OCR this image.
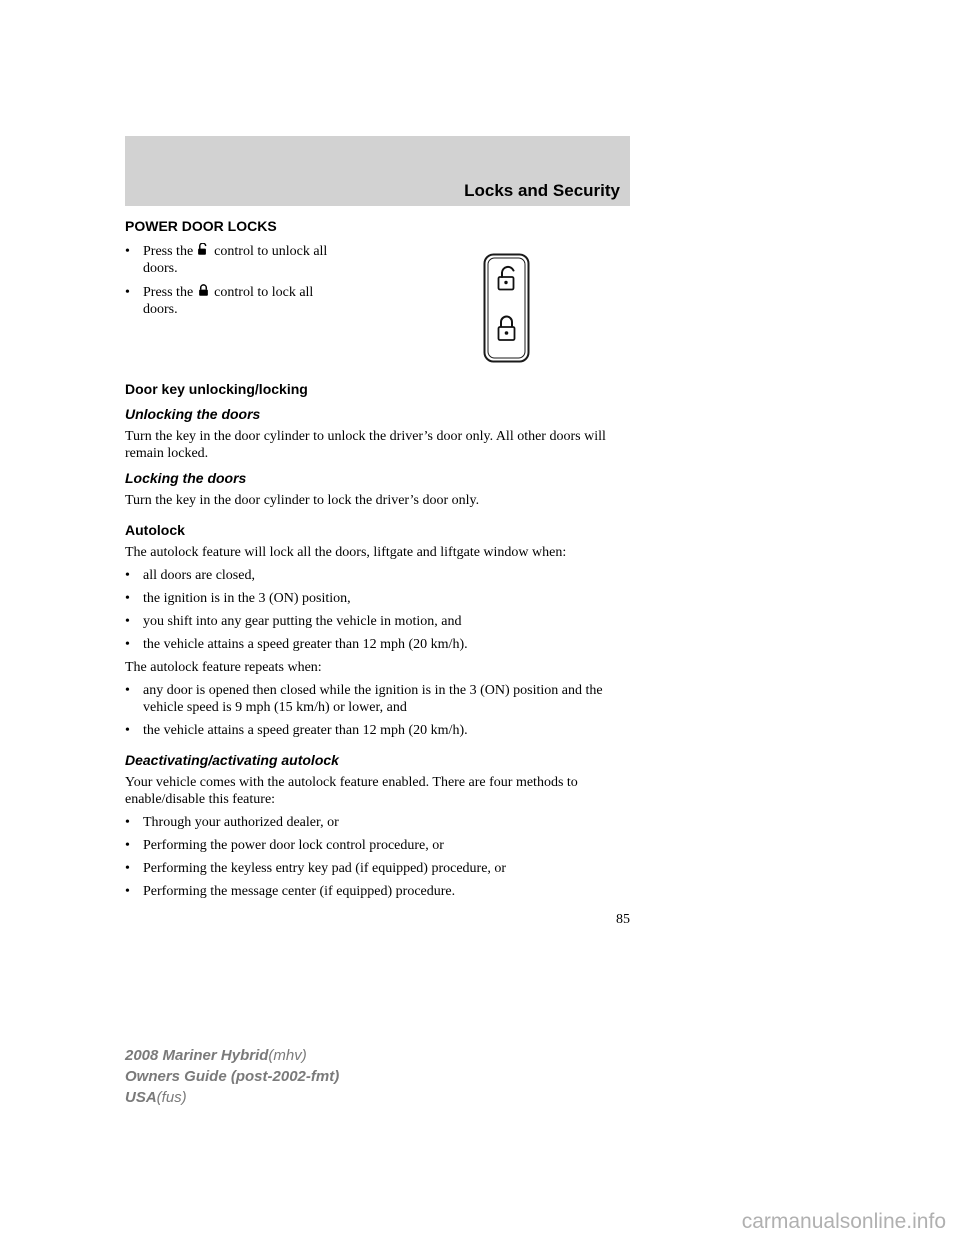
Locks and Security
POWER DOOR LOCKS
• Press the control to unlock all doors.
• Press the control to lock all doors.
Door key unlocking/locking
Unlocking the doors
Turn the key in the door cylinder to unlock the driver’s door only. All other doors will remain locked.
Locking the doors
Turn the key in the door cylinder to lock the driver’s door only.
Autolock
The autolock feature will lock all the doors, liftgate and liftgate window when:
• all doors are closed,
• the ignition is in the 3 (ON) position,
• you shift into any gear putting the vehicle in motion, and
• the vehicle attains a speed greater than 12 mph (20 km/h).
The autolock feature repeats when:
• any door is opened then closed while the ignition is in the 3 (ON) position and the vehicle speed is 9 mph (15 km/h) or lower, and
• the vehicle attains a speed greater than 12 mph (20 km/h).
Deactivating/activating autolock
Your vehicle comes with the autolock feature enabled. There are four methods to enable/disable this feature:
• Through your authorized dealer, or
• Performing the power door lock control procedure, or
• Performing the keyless entry key pad (if equipped) procedure, or
• Performing the message center (if equipped) procedure.
85
2008 Mariner Hybrid(mhv)
Owners Guide (post-2002-fmt)
USA(fus)
carmanualsonline.info
